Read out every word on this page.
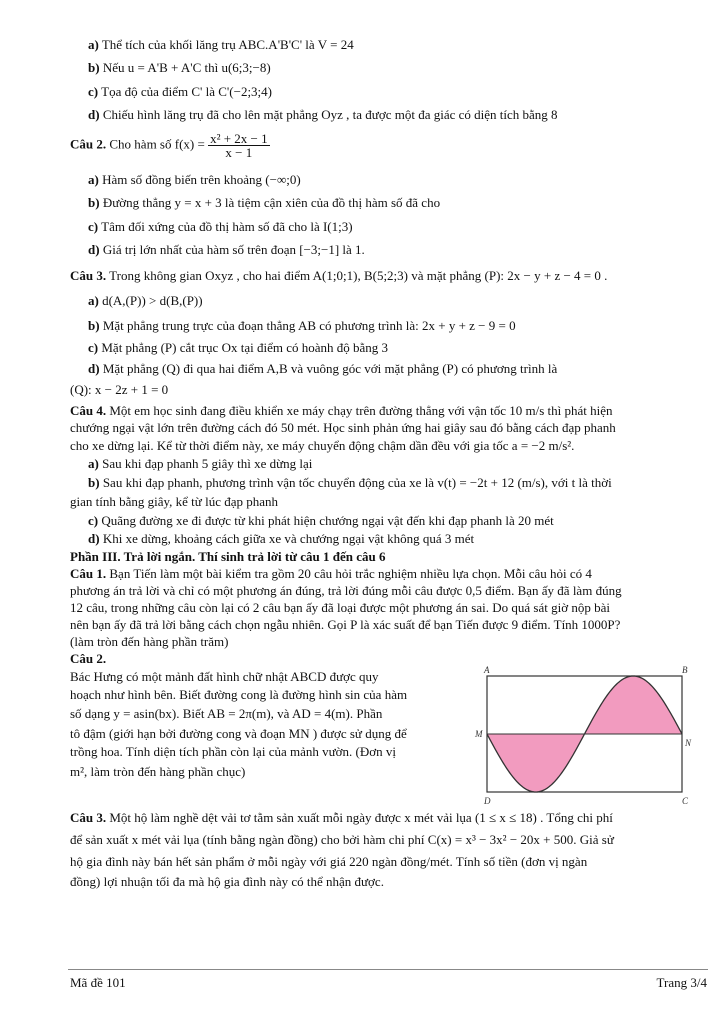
a) Thể tích của khối lăng trụ ABC.A'B'C' là V = 24
b) Nếu u = A'B + A'C thì u(6;3;−8)
c) Tọa độ của điểm C' là C'(−2;3;4)
d) Chiếu hình lăng trụ đã cho lên mặt phẳng Oyz , ta được một đa giác có diện tích bằng 8
Câu 2. Cho hàm số $f(x) = \frac{\text{x² + 2x − 1}}{x - 1}$
a) Hàm số đồng biến trên khoảng (−∞;0)
b) Đường thẳng y = x + 3 là tiệm cận xiên của đồ thị hàm số đã cho
c) Tâm đối xứng của đồ thị hàm số đã cho là I(1;3)
d) Giá trị lớn nhất của hàm số trên đoạn [−3;−1] là 1.
Câu 3. Trong không gian Oxyz , cho hai điểm A(1;0;1), B(5;2;3) và mặt phẳng (P): 2x − y + z − 4 = 0 .
a) d(A,(P)) > d(B,(P))
b) Mặt phẳng trung trực của đoạn thẳng AB có phương trình là: 2x + y + z − 9 = 0
c) Mặt phẳng (P) cắt trục Ox tại điểm có hoành độ bằng 3
d) Mặt phẳng (Q) đi qua hai điểm A,B và vuông góc với mặt phẳng (P) có phương trình là
(Q): x − 2z + 1 = 0
Câu 4. Một em học sinh đang điều khiển xe máy chạy trên đường thẳng với vận tốc 10 m/s thì phát hiện
chướng ngại vật lớn trên đường cách đó 50 mét. Học sinh phản ứng hai giây sau đó bằng cách đạp phanh
cho xe dừng lại. Kể từ thời điểm này, xe máy chuyển động chậm dần đều với gia tốc a = −2 m/s².
a) Sau khi đạp phanh 5 giây thì xe dừng lại
b) Sau khi đạp phanh, phương trình vận tốc chuyển động của xe là v(t) = −2t + 12 (m/s), với t là thời
gian tính bằng giây, kể từ lúc đạp phanh
c) Quãng đường xe đi được từ khi phát hiện chướng ngại vật đến khi đạp phanh là 20 mét
d) Khi xe dừng, khoảng cách giữa xe và chướng ngại vật không quá 3 mét
Phần III. Trả lời ngắn. Thí sinh trả lời từ câu 1 đến câu 6
Câu 1. Bạn Tiến làm một bài kiểm tra gồm 20 câu hỏi trắc nghiệm nhiều lựa chọn. Mỗi câu hỏi có 4
phương án trả lời và chỉ có một phương án đúng, trả lời đúng mỗi câu được 0,5 điểm. Bạn ấy đã làm đúng
12 câu, trong những câu còn lại có 2 câu bạn ấy đã loại được một phương án sai. Do quá sát giờ nộp bài
nên bạn ấy đã trả lời bằng cách chọn ngẫu nhiên. Gọi P là xác suất để bạn Tiến được 9 điểm. Tính 1000P?
(làm tròn đến hàng phần trăm)
Câu 2.
Bác Hưng có một mảnh đất hình chữ nhật ABCD được quy
hoạch như hình bên. Biết đường cong là đường hình sin của hàm
số dạng y = asin(bx). Biết AB = 2π(m), và AD = 4(m). Phần
tô đậm (giới hạn bởi đường cong và đoạn MN ) được sử dụng để
trồng hoa. Tính diện tích phần còn lại của mảnh vườn. (Đơn vị
m², làm tròn đến hàng phần chục)
A	B
C
D
M
N
Câu 3. Một hộ làm nghề dệt vải tơ tằm sản xuất mỗi ngày được x mét vải lụa (1 ≤ x ≤ 18) . Tổng chi phí
để sản xuất x mét vải lụa (tính bằng ngàn đồng) cho bởi hàm chi phí C(x) = x³ − 3x² − 20x + 500. Giả sử
hộ gia đình này bán hết sản phẩm ở mỗi ngày với giá 220 ngàn đồng/mét. Tính số tiền (đơn vị ngàn
đồng) lợi nhuận tối đa mà hộ gia đình này có thể nhận được.
Mã đề 101	Trang 3/4
